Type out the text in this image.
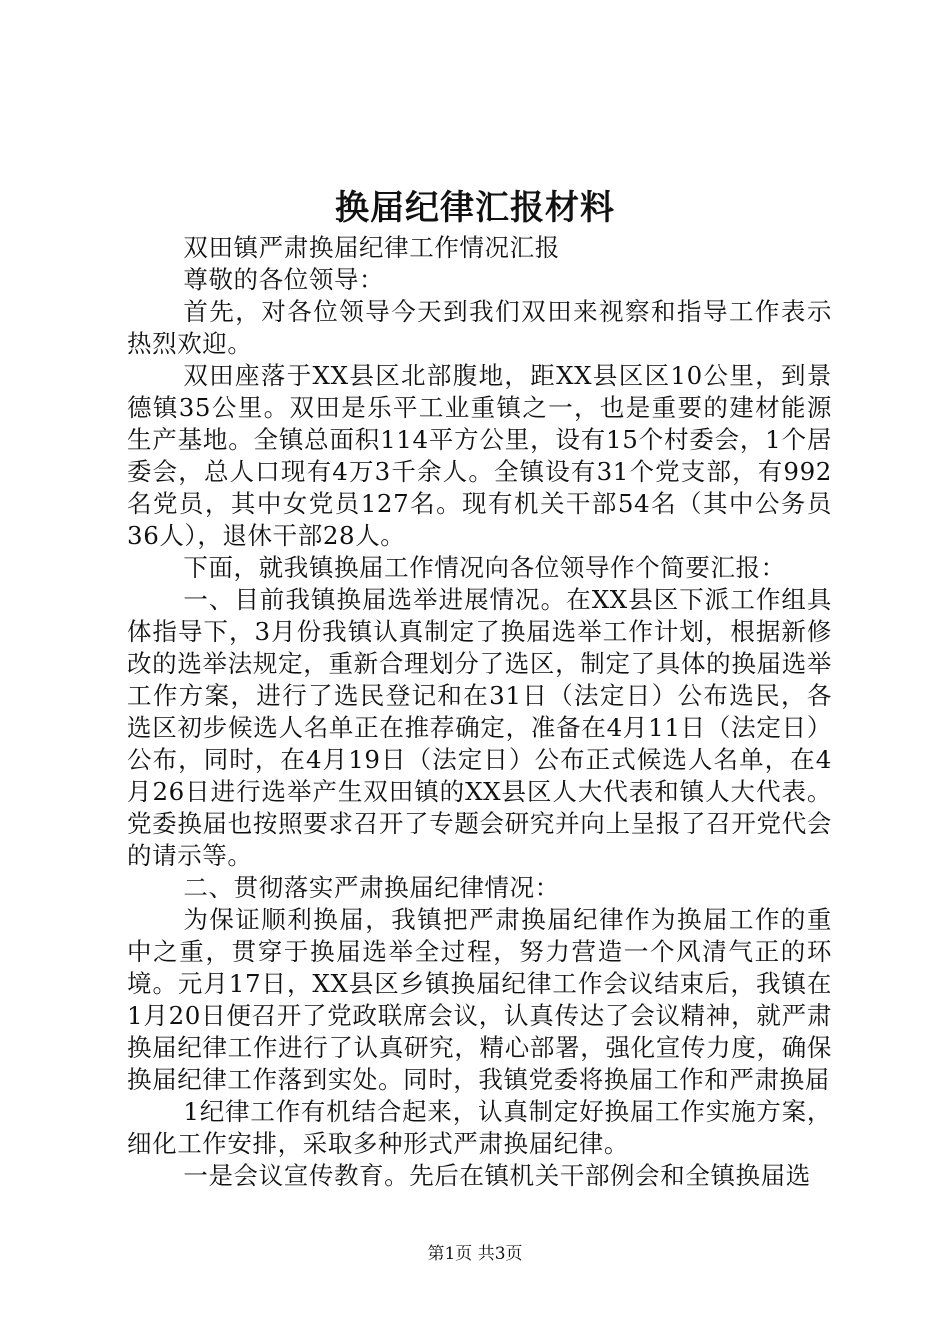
换届纪律汇报材料

双田镇严肃换届纪律工作情况汇报

尊敬的各位领导：

首先，对各位领导今天到我们双田来视察和指导工作表示热烈欢迎。

双田座落于XX县区北部腹地，距XX县区区10公里，到景德镇35公里。双田是乐平工业重镇之一，也是重要的建材能源生产基地。全镇总面积114平方公里，设有15个村委会，1个居委会，总人口现有4万3千余人。全镇设有31个党支部，有992名党员，其中女党员127名。现有机关干部54名（其中公务员36人），退休干部28人。

下面，就我镇换届工作情况向各位领导作个简要汇报：

一、目前我镇换届选举进展情况。在XX县区下派工作组具体指导下，3月份我镇认真制定了换届选举工作计划，根据新修改的选举法规定，重新合理划分了选区，制定了具体的换届选举工作方案，进行了选民登记和在31日（法定日）公布选民，各选区初步候选人名单正在推荐确定，准备在4月11日（法定日）公布，同时，在4月19日（法定日）公布正式候选人名单，在4月26日进行选举产生双田镇的XX县区人大代表和镇人大代表。党委换届也按照要求召开了专题会研究并向上呈报了召开党代会的请示等。

二、贯彻落实严肃换届纪律情况：

为保证顺利换届，我镇把严肃换届纪律作为换届工作的重中之重，贯穿于换届选举全过程，努力营造一个风清气正的环境。元月17日，XX县区乡镇换届纪律工作会议结束后，我镇在1月20日便召开了党政联席会议，认真传达了会议精神，就严肃换届纪律工作进行了认真研究，精心部署，强化宣传力度，确保换届纪律工作落到实处。同时，我镇党委将换届工作和严肃换届

1纪律工作有机结合起来，认真制定好换届工作实施方案，细化工作安排，采取多种形式严肃换届纪律。

一是会议宣传教育。先后在镇机关干部例会和全镇换届选

第1页 共3页
